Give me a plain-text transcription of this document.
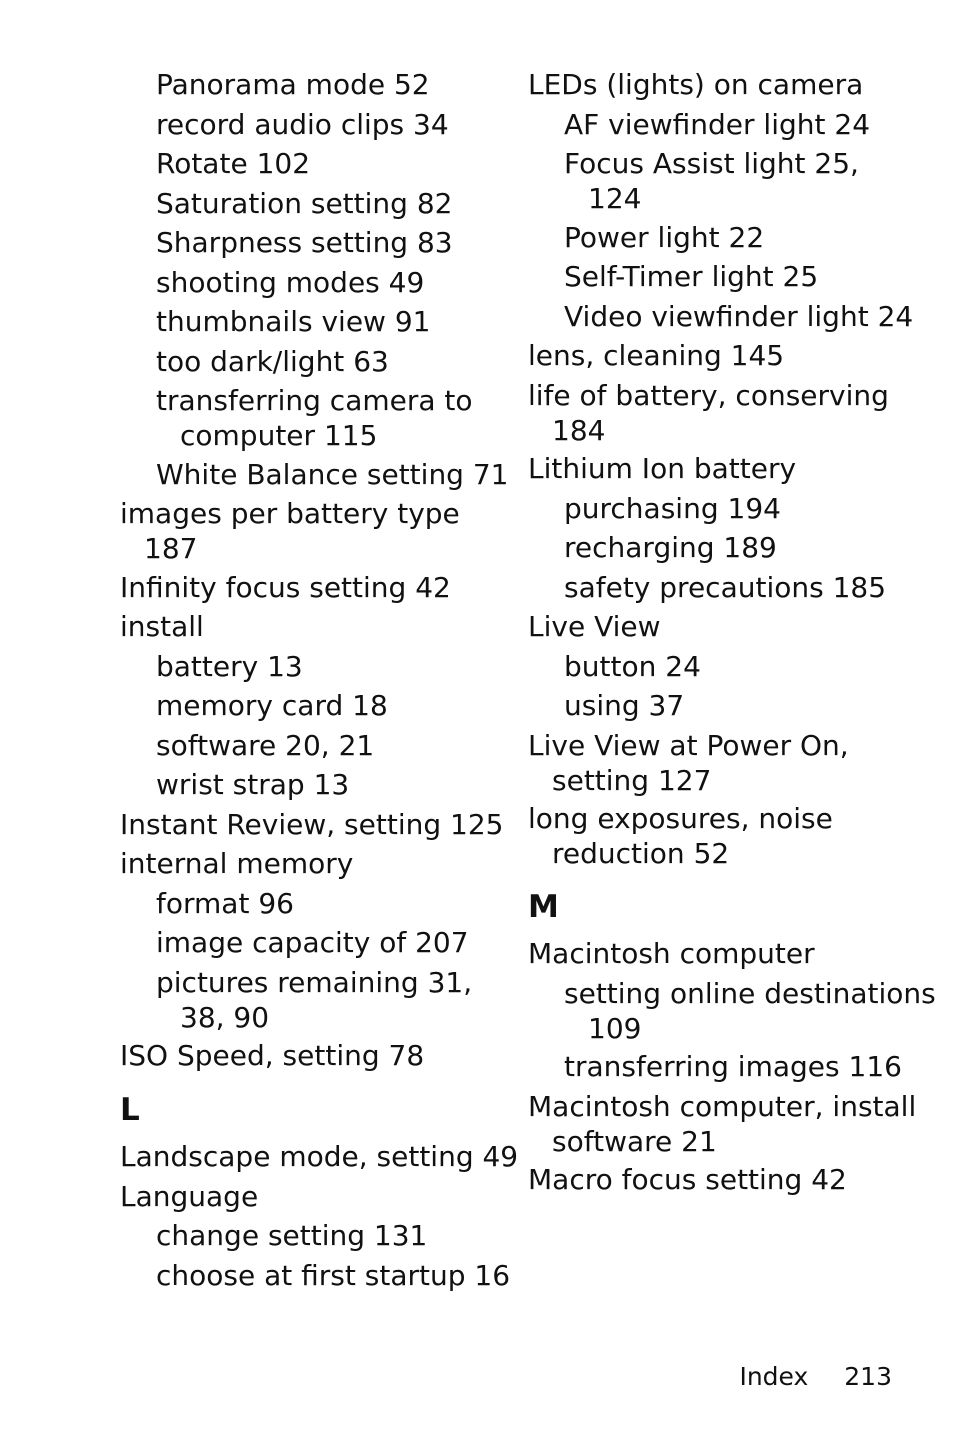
Panorama mode 52
record audio clips 34
Rotate 102
Saturation setting 82
Sharpness setting 83
shooting modes 49
thumbnails view 91
too dark/light 63
transferring camera to
computer 115
White Balance setting 71
images per battery type
187
Infinity focus setting 42
install
battery 13
memory card 18
software 20, 21
wrist strap 13
Instant Review, setting 125
internal memory
format 96
image capacity of 207
pictures remaining 31,
38, 90
ISO Speed, setting 78
L
Landscape mode, setting 49
Language
change setting 131
choose at first startup 16
LEDs (lights) on camera
AF viewfinder light 24
Focus Assist light 25,
124
Power light 22
Self-Timer light 25
Video viewfinder light 24
lens, cleaning 145
life of battery, conserving
184
Lithium Ion battery
purchasing 194
recharging 189
safety precautions 185
Live View
button 24
using 37
Live View at Power On,
setting 127
long exposures, noise
reduction 52
M
Macintosh computer
setting online destinations
109
transferring images 116
Macintosh computer, install
software 21
Macro focus setting 42
Index 213
